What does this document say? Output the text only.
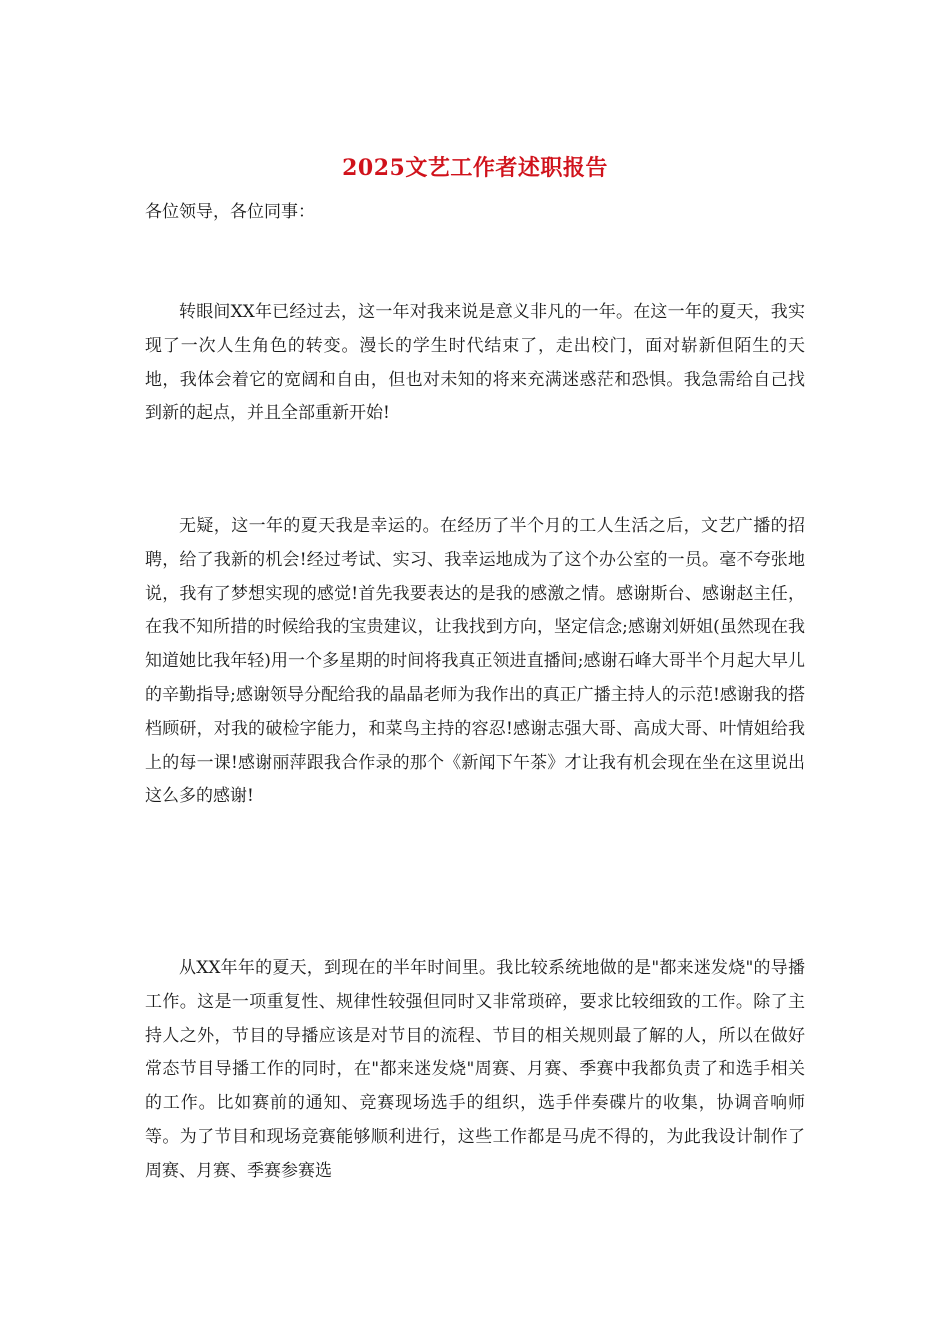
2025文艺工作者述职报告
各位领导，各位同事：

转眼间XX年已经过去，这一年对我来说是意义非凡的一年。在这一年的夏天，我实现了一次人生角色的转变。漫长的学生时代结束了，走出校门，面对崭新但陌生的天地，我体会着它的宽阔和自由，但也对未知的将来充满迷惑茫和恐惧。我急需给自己找到新的起点，并且全部重新开始!

无疑，这一年的夏天我是幸运的。在经历了半个月的工人生活之后，文艺广播的招聘，给了我新的机会!经过考试、实习、我幸运地成为了这个办公室的一员。毫不夸张地说，我有了梦想实现的感觉!首先我要表达的是我的感激之情。感谢斯台、感谢赵主任，在我不知所措的时候给我的宝贵建议，让我找到方向，坚定信念;感谢刘妍姐(虽然现在我知道她比我年轻)用一个多星期的时间将我真正领进直播间;感谢石峰大哥半个月起大早儿的辛勤指导;感谢领导分配给我的晶晶老师为我作出的真正广播主持人的示范!感谢我的搭档顾研，对我的破检字能力，和菜鸟主持的容忍!感谢志强大哥、高成大哥、叶情姐给我上的每一课!感谢丽萍跟我合作录的那个《新闻下午茶》才让我有机会现在坐在这里说出这么多的感谢!

从XX年年的夏天，到现在的半年时间里。我比较系统地做的是"都来迷发烧"的导播工作。这是一项重复性、规律性较强但同时又非常琐碎，要求比较细致的工作。除了主持人之外，节目的导播应该是对节目的流程、节目的相关规则最了解的人，所以在做好常态节目导播工作的同时，在"都来迷发烧"周赛、月赛、季赛中我都负责了和选手相关的工作。比如赛前的通知、竞赛现场选手的组织，选手伴奏碟片的收集，协调音响师等。为了节目和现场竞赛能够顺利进行，这些工作都是马虎不得的，为此我设计制作了周赛、月赛、季赛参赛选
